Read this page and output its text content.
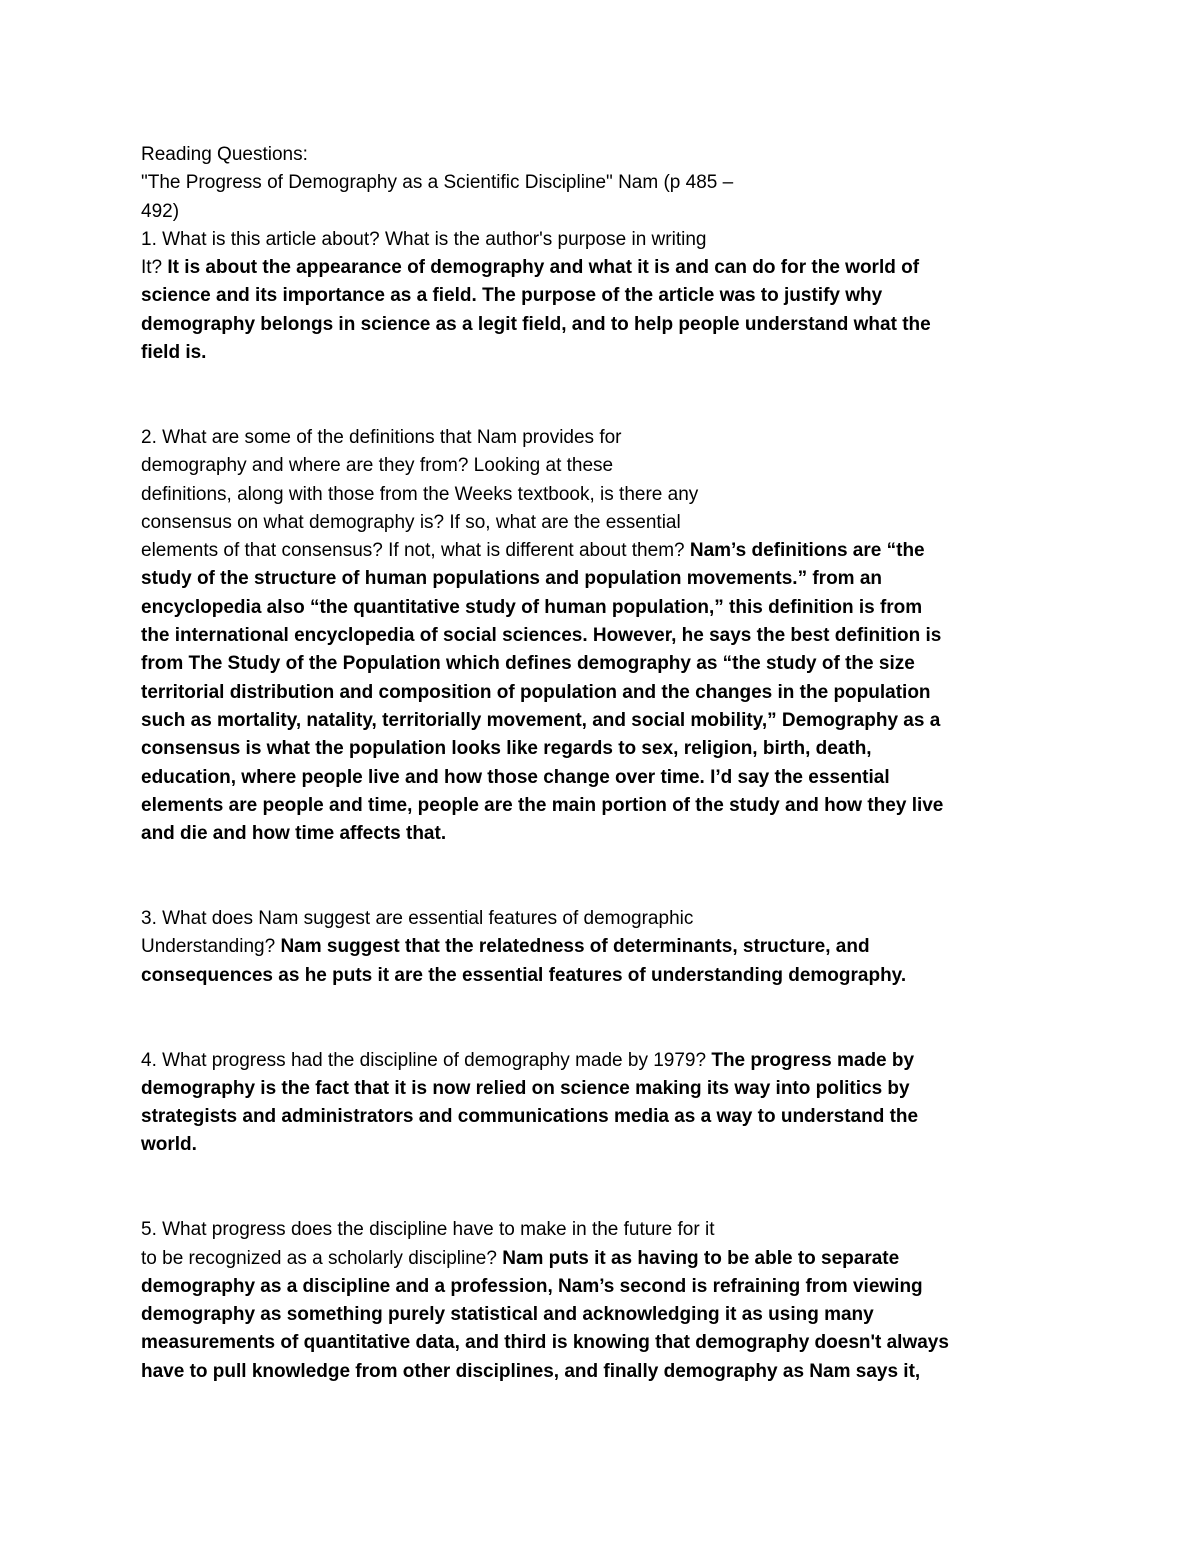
Reading Questions:
"The Progress of Demography as a Scientific Discipline" Nam (p 485 –
492)
1. What is this article about? What is the author's purpose in writing
It? It is about the appearance of demography and what it is and can do for the world of
science and its importance as a field. The purpose of the article was to justify why
demography belongs in science as a legit field, and to help people understand what the
field is.
2. What are some of the definitions that Nam provides for
demography and where are they from? Looking at these
definitions, along with those from the Weeks textbook, is there any
consensus on what demography is? If so, what are the essential
elements of that consensus? If not, what is different about them? Nam’s definitions are “the
study of the structure of human populations and population movements.” from an
encyclopedia also “the quantitative study of human population,” this definition is from
the international encyclopedia of social sciences. However, he says the best definition is
from The Study of the Population which defines demography as “the study of the size
territorial distribution and composition of population and the changes in the population
such as mortality, natality, territorially movement, and social mobility,” Demography as a
consensus is what the population looks like regards to sex, religion, birth, death,
education, where people live and how those change over time. I’d say the essential
elements are people and time, people are the main portion of the study and how they live
and die and how time affects that.
3. What does Nam suggest are essential features of demographic
Understanding? Nam suggest that the relatedness of determinants, structure, and
consequences as he puts it are the essential features of understanding demography.
4. What progress had the discipline of demography made by 1979? The progress made by
demography is the fact that it is now relied on science making its way into politics by
strategists and administrators and communications media as a way to understand the
world.
5. What progress does the discipline have to make in the future for it
to be recognized as a scholarly discipline? Nam puts it as having to be able to separate
demography as a discipline and a profession, Nam’s second is refraining from viewing
demography as something purely statistical and acknowledging it as using many
measurements of quantitative data, and third is knowing that demography doesn't always
have to pull knowledge from other disciplines, and finally demography as Nam says it,
